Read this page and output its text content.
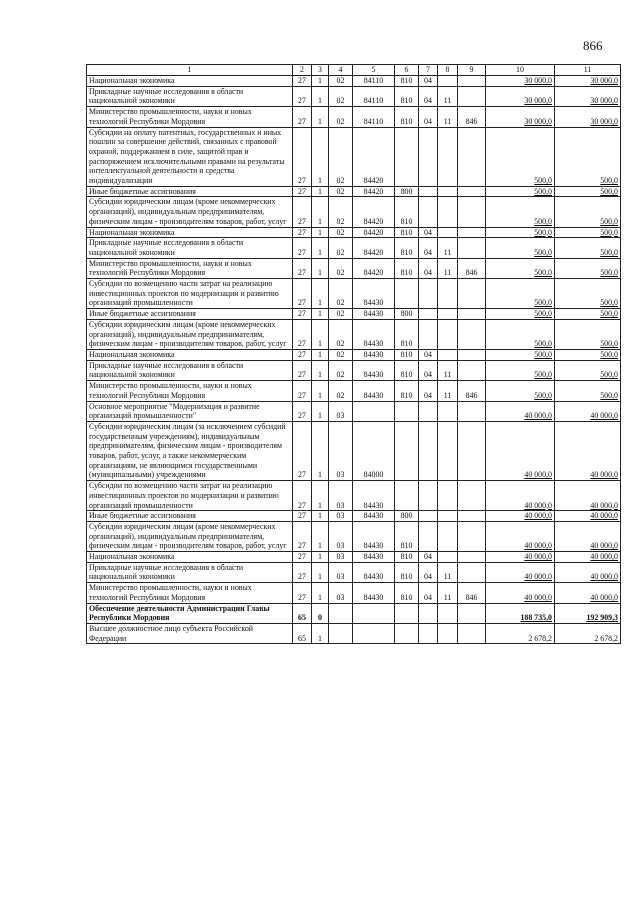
866
1	2	3	4	5	6	7	8	9	10	11
Национальная экономика	27	1	02	84110	810	04			30 000,0	30 000,0
Прикладные научные исследования в области национальной экономики	27	1	02	84110	810	04	11		30 000,0	30 000,0
Министерство промышленности, науки и новых технологий Республики Мордовия	27	1	02	84110	810	04	11	846	30 000,0	30 000,0
Субсидии на оплату патентных, государственных и иных пошлин за совершение действий, связанных с правовой охраной, поддержанием в силе, защитой прав и распоряжением исключительными правами на результаты интеллектуальной деятельности и средства индивидуализации	27	1	02	84420					500,0	500,0
Иные бюджетные ассигнования	27	1	02	84420	800				500,0	500,0
Субсидии юридическим лицам (кроме некоммерческих организаций), индивидуальным предпринимателям, физическим лицам - производителям товаров, работ, услуг	27	1	02	84420	810				500,0	500,0
Национальная экономика	27	1	02	84420	810	04			500,0	500,0
Прикладные научные исследования в области национальной экономики	27	1	02	84420	810	04	11		500,0	500,0
Министерство промышленности, науки и новых технологий Республики Мордовия	27	1	02	84420	810	04	11	846	500,0	500,0
Субсидии по возмещению части затрат на реализацию инвестиционных проектов по модернизации и развитию организаций промышленности	27	1	02	84430					500,0	500,0
Иные бюджетные ассигнования	27	1	02	84430	800				500,0	500,0
Субсидии юридическим лицам (кроме некоммерческих организаций), индивидуальным предпринимателям, физическим лицам - производителям товаров, работ, услуг	27	1	02	84430	810				500,0	500,0
Национальная экономика	27	1	02	84430	810	04			500,0	500,0
Прикладные научные исследования в области национальной экономики	27	1	02	84430	810	04	11		500,0	500,0
Министерство промышленности, науки и новых технологий Республики Мордовия	27	1	02	84430	810	04	11	846	500,0	500,0
Основное мероприятие "Модернизация и развитие организаций промышленности"	27	1	03						40 000,0	40 000,0
Субсидии юридическим лицам (за исключением субсидий государственным учреждениям), индивидуальным предпринимателям, физическим лицам - производителям товаров, работ, услуг, а также некоммерческим организациям, не являющимся государственными (муниципальными) учреждениями	27	1	03	84000					40 000,0	40 000,0
Субсидии по возмещению части затрат на реализацию инвестиционных проектов по модернизации и развитию организаций промышленности	27	1	03	84430					40 000,0	40 000,0
Иные бюджетные ассигнования	27	1	03	84430	800				40 000,0	40 000,0
Субсидии юридическим лицам (кроме некоммерческих организаций), индивидуальным предпринимателям, физическим лицам - производителям товаров, работ, услуг	27	1	03	84430	810				40 000,0	40 000,0
Национальная экономика	27	1	03	84430	810	04			40 000,0	40 000,0
Прикладные научные исследования в области национальной экономики	27	1	03	84430	810	04	11		40 000,0	40 000,0
Министерство промышленности, науки и новых технологий Республики Мордовия	27	1	03	84430	810	04	11	846	40 000,0	40 000,0
Обеспечение деятельности Администрации Главы Республики Мордовия	65	0							188 735,0	192 909,3
Высшее должностное лицо субъекта Российской Федерации	65	1							2 678,2	2 678,2
